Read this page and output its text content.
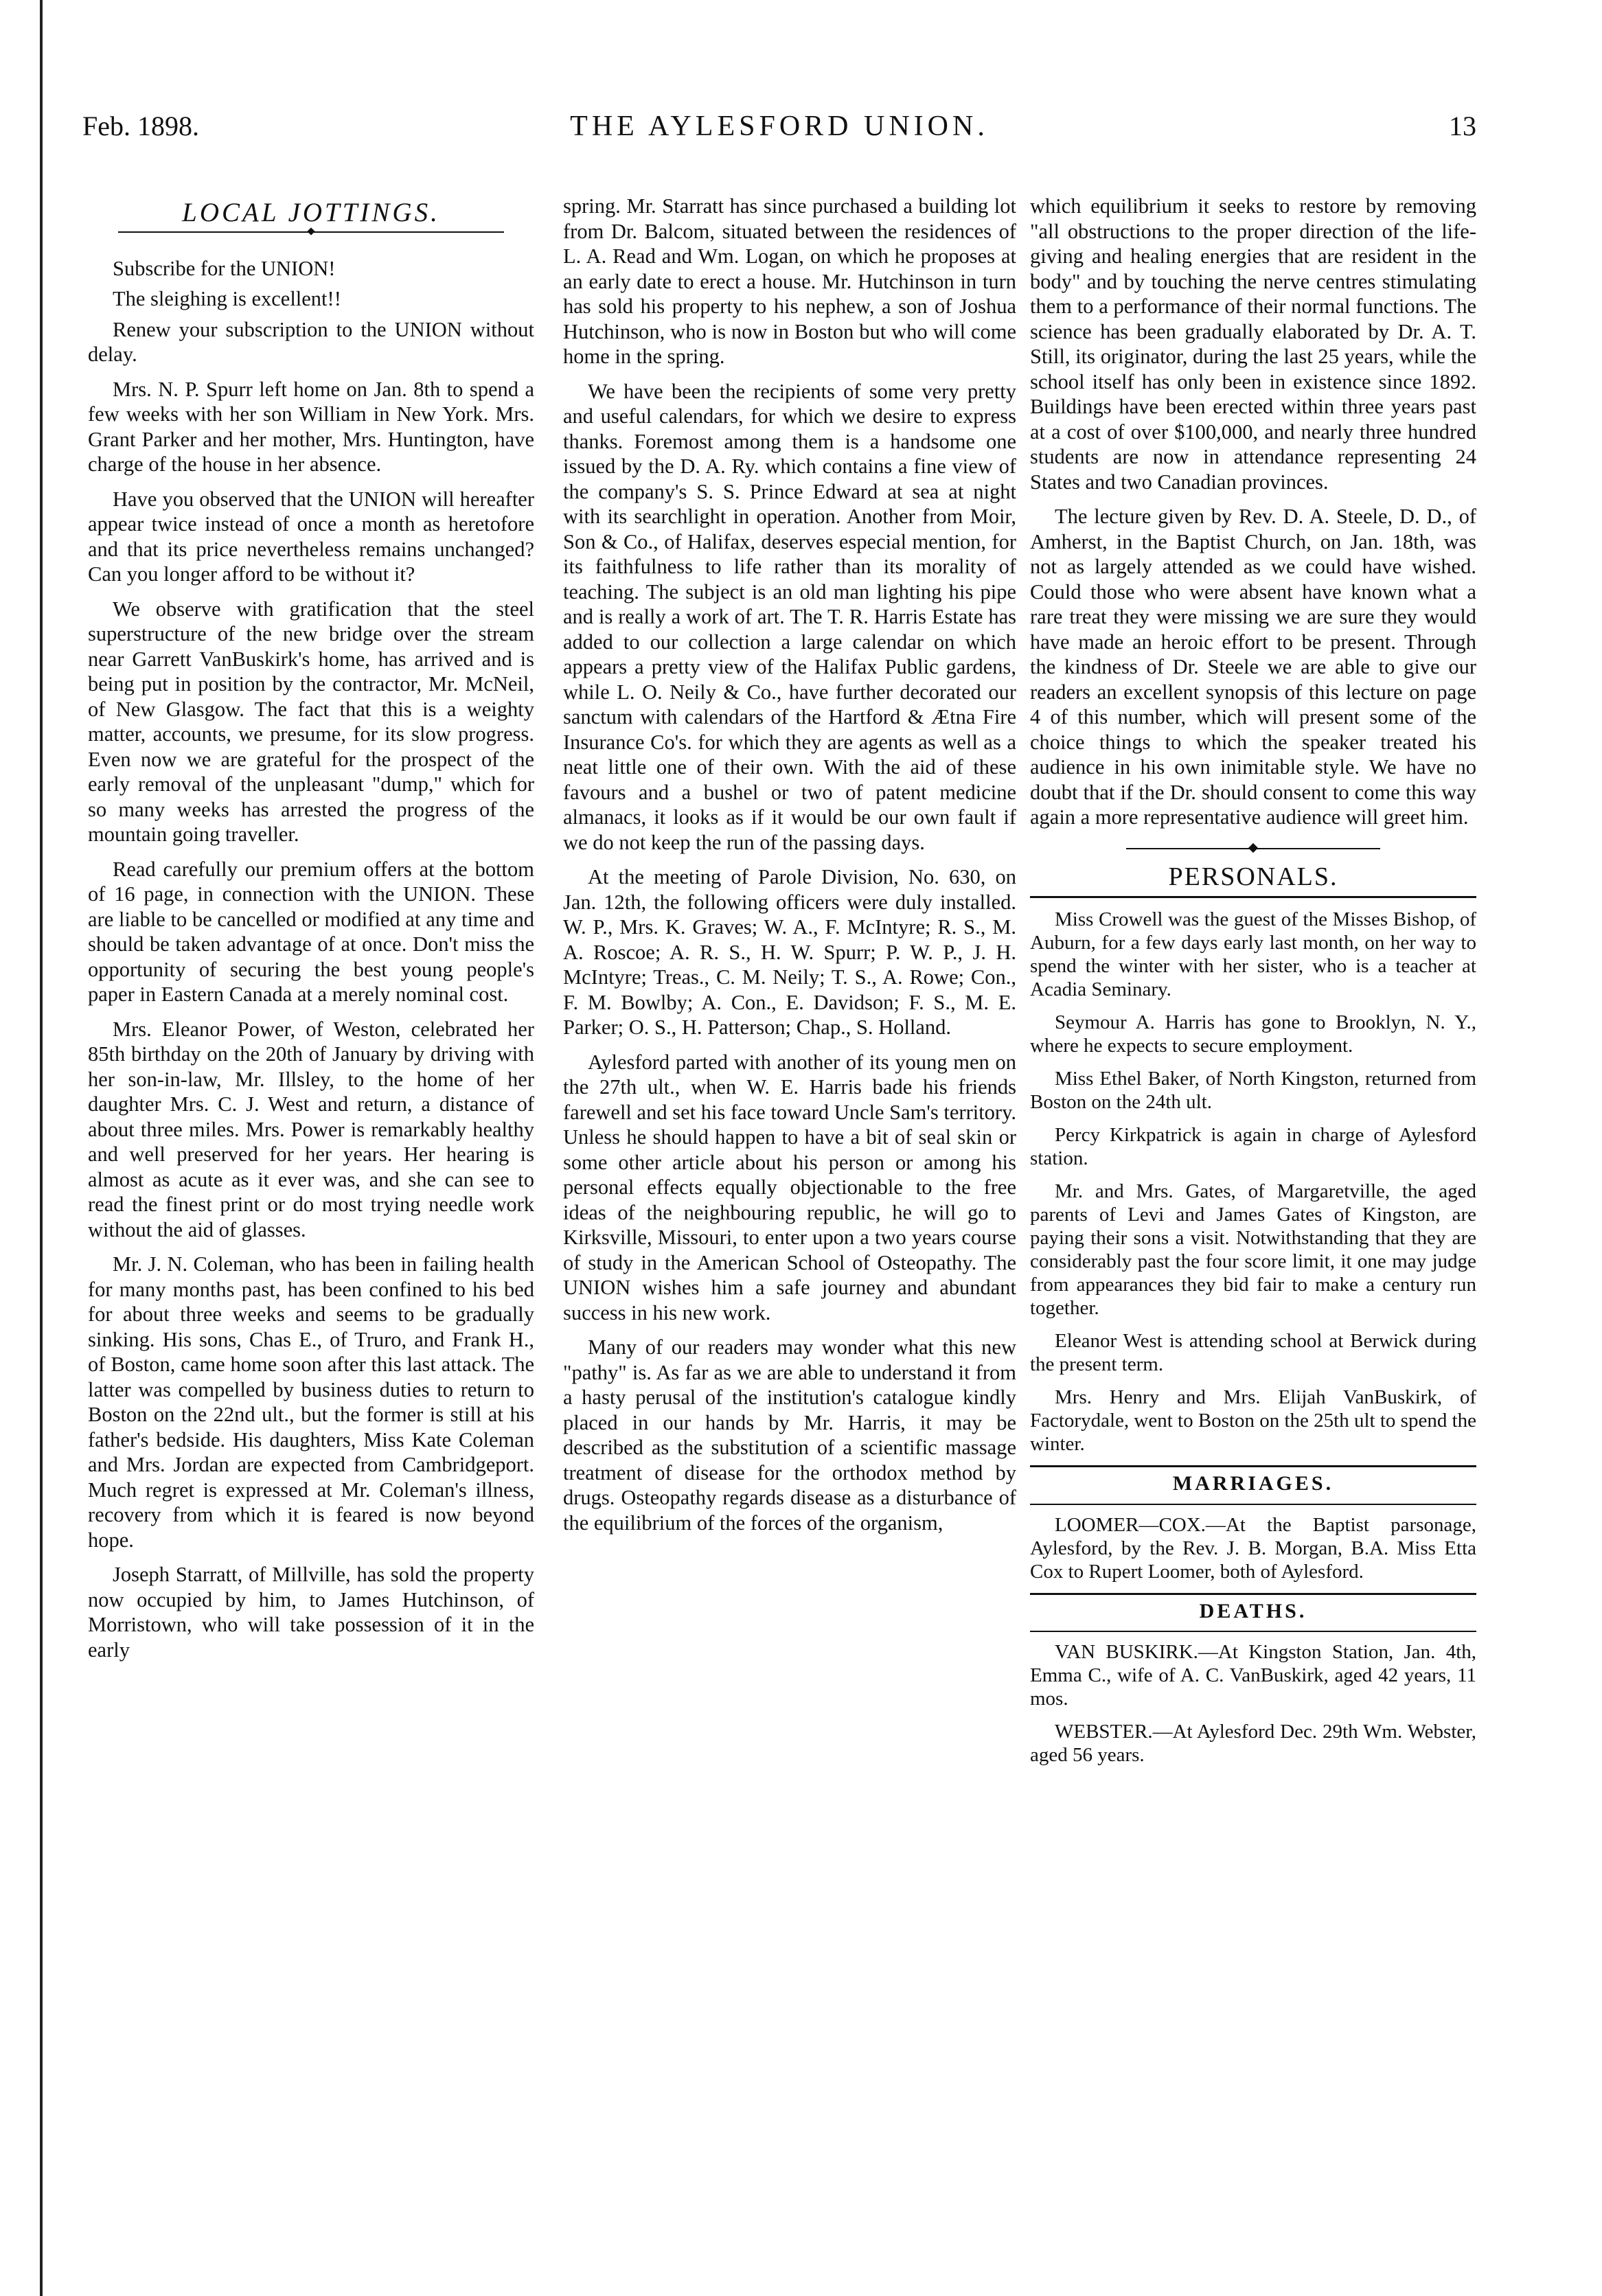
Feb. 1898.	THE AYLESFORD UNION.	13
LOCAL JOTTINGS.

Subscribe for the UNION!

The sleighing is excellent!!

Renew your subscription to the UNION without delay.

Mrs. N. P. Spurr left home on Jan. 8th to spend a few weeks with her son William in New York. Mrs. Grant Parker and her mother, Mrs. Huntington, have charge of the house in her absence.

Have you observed that the UNION will hereafter appear twice instead of once a month as heretofore and that its price nevertheless remains unchanged? Can you longer afford to be without it?

We observe with gratification that the steel superstructure of the new bridge over the stream near Garrett VanBuskirk's home, has arrived and is being put in position by the contractor, Mr. McNeil, of New Glasgow. The fact that this is a weighty matter, accounts, we presume, for its slow progress. Even now we are grateful for the prospect of the early removal of the unpleasant "dump," which for so many weeks has arrested the progress of the mountain going traveller.

Read carefully our premium offers at the bottom of 16 page, in connection with the UNION. These are liable to be cancelled or modified at any time and should be taken advantage of at once. Don't miss the opportunity of securing the best young people's paper in Eastern Canada at a merely nominal cost.

Mrs. Eleanor Power, of Weston, celebrated her 85th birthday on the 20th of January by driving with her son-in-law, Mr. Illsley, to the home of her daughter Mrs. C. J. West and return, a distance of about three miles. Mrs. Power is remarkably healthy and well preserved for her years. Her hearing is almost as acute as it ever was, and she can see to read the finest print or do most trying needle work without the aid of glasses.

Mr. J. N. Coleman, who has been in failing health for many months past, has been confined to his bed for about three weeks and seems to be gradually sinking. His sons, Chas E., of Truro, and Frank H., of Boston, came home soon after this last attack. The latter was compelled by business duties to return to Boston on the 22nd ult., but the former is still at his father's bedside. His daughters, Miss Kate Coleman and Mrs. Jordan are expected from Cambridgeport. Much regret is expressed at Mr. Coleman's illness, recovery from which it is feared is now beyond hope.

Joseph Starratt, of Millville, has sold the property now occupied by him, to James Hutchinson, of Morristown, who will take possession of it in the early

spring. Mr. Starratt has since purchased a building lot from Dr. Balcom, situated between the residences of L. A. Read and Wm. Logan, on which he proposes at an early date to erect a house. Mr. Hutchinson in turn has sold his property to his nephew, a son of Joshua Hutchinson, who is now in Boston but who will come home in the spring.

We have been the recipients of some very pretty and useful calendars, for which we desire to express thanks. Foremost among them is a handsome one issued by the D. A. Ry. which contains a fine view of the company's S. S. Prince Edward at sea at night with its searchlight in operation. Another from Moir, Son & Co., of Halifax, deserves especial mention, for its faithfulness to life rather than its morality of teaching. The subject is an old man lighting his pipe and is really a work of art. The T. R. Harris Estate has added to our collection a large calendar on which appears a pretty view of the Halifax Public gardens, while L. O. Neily & Co., have further decorated our sanctum with calendars of the Hartford & Ætna Fire Insurance Co's. for which they are agents as well as a neat little one of their own. With the aid of these favours and a bushel or two of patent medicine almanacs, it looks as if it would be our own fault if we do not keep the run of the passing days.

At the meeting of Parole Division, No. 630, on Jan. 12th, the following officers were duly installed. W. P., Mrs. K. Graves; W. A., F. McIntyre; R. S., M. A. Roscoe; A. R. S., H. W. Spurr; P. W. P., J. H. McIntyre; Treas., C. M. Neily; T. S., A. Rowe; Con., F. M. Bowlby; A. Con., E. Davidson; F. S., M. E. Parker; O. S., H. Patterson; Chap., S. Holland.

Aylesford parted with another of its young men on the 27th ult., when W. E. Harris bade his friends farewell and set his face toward Uncle Sam's territory. Unless he should happen to have a bit of seal skin or some other article about his person or among his personal effects equally objectionable to the free ideas of the neighbouring republic, he will go to Kirksville, Missouri, to enter upon a two years course of study in the American School of Osteopathy. The UNION wishes him a safe journey and abundant success in his new work.

Many of our readers may wonder what this new "pathy" is. As far as we are able to understand it from a hasty perusal of the institution's catalogue kindly placed in our hands by Mr. Harris, it may be described as the substitution of a scientific massage treatment of disease for the orthodox method by drugs. Osteopathy regards disease as a disturbance of the equilibrium of the forces of the organism,

which equilibrium it seeks to restore by removing "all obstructions to the proper direction of the life-giving and healing energies that are resident in the body" and by touching the nerve centres stimulating them to a performance of their normal functions. The science has been gradually elaborated by Dr. A. T. Still, its originator, during the last 25 years, while the school itself has only been in existence since 1892. Buildings have been erected within three years past at a cost of over $100,000, and nearly three hundred students are now in attendance representing 24 States and two Canadian provinces.

The lecture given by Rev. D. A. Steele, D. D., of Amherst, in the Baptist Church, on Jan. 18th, was not as largely attended as we could have wished. Could those who were absent have known what a rare treat they were missing we are sure they would have made an heroic effort to be present. Through the kindness of Dr. Steele we are able to give our readers an excellent synopsis of this lecture on page 4 of this number, which will present some of the choice things to which the speaker treated his audience in his own inimitable style. We have no doubt that if the Dr. should consent to come this way again a more representative audience will greet him.

PERSONALS.

Miss Crowell was the guest of the Misses Bishop, of Auburn, for a few days early last month, on her way to spend the winter with her sister, who is a teacher at Acadia Seminary.

Seymour A. Harris has gone to Brooklyn, N. Y., where he expects to secure employment.

Miss Ethel Baker, of North Kingston, returned from Boston on the 24th ult.

Percy Kirkpatrick is again in charge of Aylesford station.

Mr. and Mrs. Gates, of Margaretville, the aged parents of Levi and James Gates of Kingston, are paying their sons a visit. Notwithstanding that they are considerably past the four score limit, it one may judge from appearances they bid fair to make a century run together.

Eleanor West is attending school at Berwick during the present term.

Mrs. Henry and Mrs. Elijah VanBuskirk, of Factorydale, went to Boston on the 25th ult to spend the winter.

MARRIAGES.

LOOMER—COX.—At the Baptist parsonage, Aylesford, by the Rev. J. B. Morgan, B.A. Miss Etta Cox to Rupert Loomer, both of Aylesford.

DEATHS.

VAN BUSKIRK.—At Kingston Station, Jan. 4th, Emma C., wife of A. C. VanBuskirk, aged 42 years, 11 mos.

WEBSTER.—At Aylesford Dec. 29th Wm. Webster, aged 56 years.
